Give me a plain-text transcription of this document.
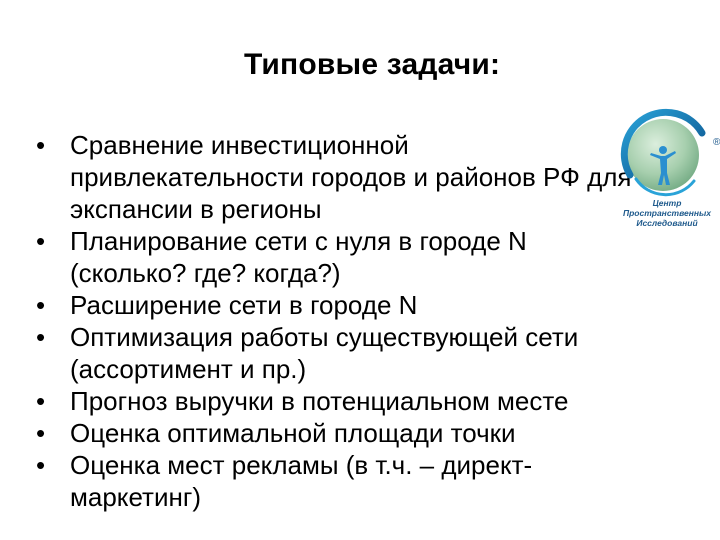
Типовые задачи:
• Сравнение инвестиционной
привлекательности городов и районов РФ для
экспансии в регионы
• Планирование сети с нуля в городе N
(сколько? где? когда?)
• Расширение сети в городе N
• Оптимизация работы существующей сети
(ассортимент и пр.)
• Прогноз выручки в потенциальном месте
• Оценка оптимальной площади точки
• Оценка мест рекламы (в т.ч. – директ-
маркетинг)
®
Центр
Пространственных
Исследований
